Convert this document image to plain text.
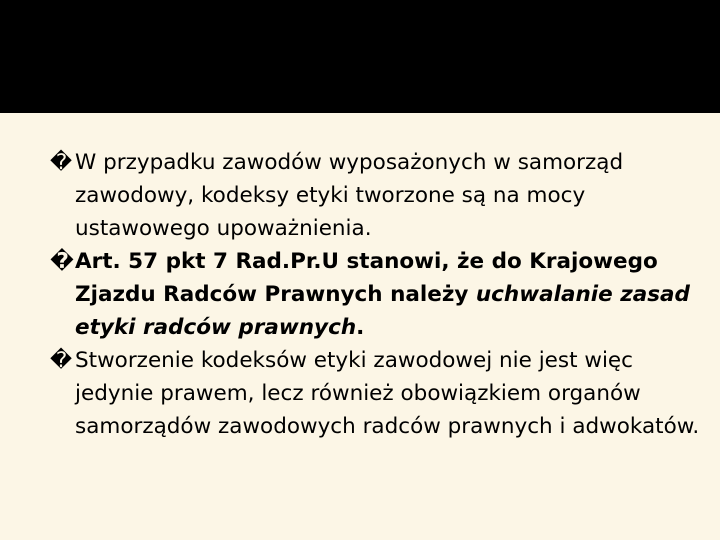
� W przypadku zawodów wyposażonych w samorząd zawodowy, kodeksy etyki tworzone są na mocy ustawowego upoważnienia.
� Art. 57 pkt 7 Rad.Pr.U stanowi, że do Krajowego Zjazdu Radców Prawnych należy uchwalanie zasad etyki radców prawnych.
� Stworzenie kodeksów etyki zawodowej nie jest więc jedynie prawem, lecz również obowiązkiem organów samorządów zawodowych radców prawnych i adwokatów.
